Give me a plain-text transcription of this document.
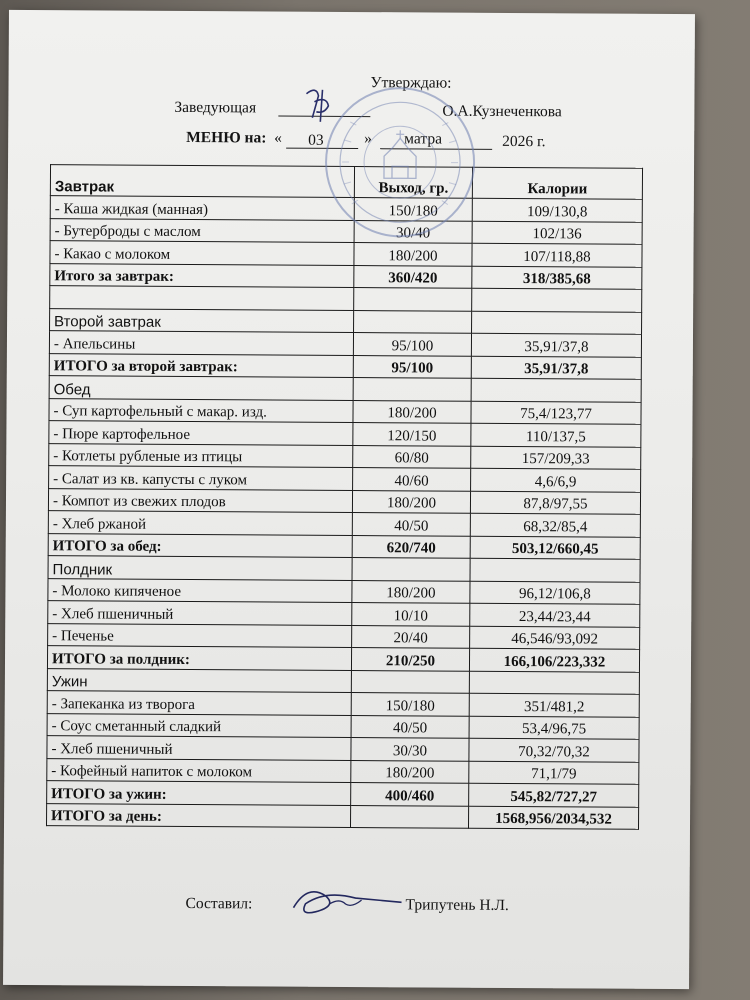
Заведующая
Утверждаю:
О.А.Кузнеченкова
МЕНЮ на: « 03	» матра	2026 г.
Завтрак	Выход, гр.	Калории
- Каша жидкая (манная)	150/180	109/130,8
- Бутерброды с маслом	30/40	102/136
- Какао с молоком	180/200	107/118,88
Итого за завтрак:	360/420	318/385,68

Второй завтрак		
- Апельсины	95/100	35,91/37,8
ИТОГО за второй завтрак:	95/100	35,91/37,8
Обед		
- Суп картофельный с макар. изд.	180/200	75,4/123,77
- Пюре картофельное	120/150	110/137,5
- Котлеты рубленые из птицы	60/80	157/209,33
- Салат из кв. капусты с луком	40/60	4,6/6,9
- Компот из свежих плодов	180/200	87,8/97,55
- Хлеб ржаной	40/50	68,32/85,4
ИТОГО за обед:	620/740	503,12/660,45
Полдник		
- Молоко кипяченое	180/200	96,12/106,8
- Хлеб пшеничный	10/10	23,44/23,44
- Печенье	20/40	46,546/93,092
ИТОГО за полдник:	210/250	166,106/223,332
Ужин		
- Запеканка из творога	150/180	351/481,2
- Соус сметанный сладкий	40/50	53,4/96,75
- Хлеб пшеничный	30/30	70,32/70,32
- Кофейный напиток с молоком	180/200	71,1/79
ИТОГО за ужин:	400/460	545,82/727,27
ИТОГО за день:		1568,956/2034,532
Составил:	Трипутень Н.Л.
